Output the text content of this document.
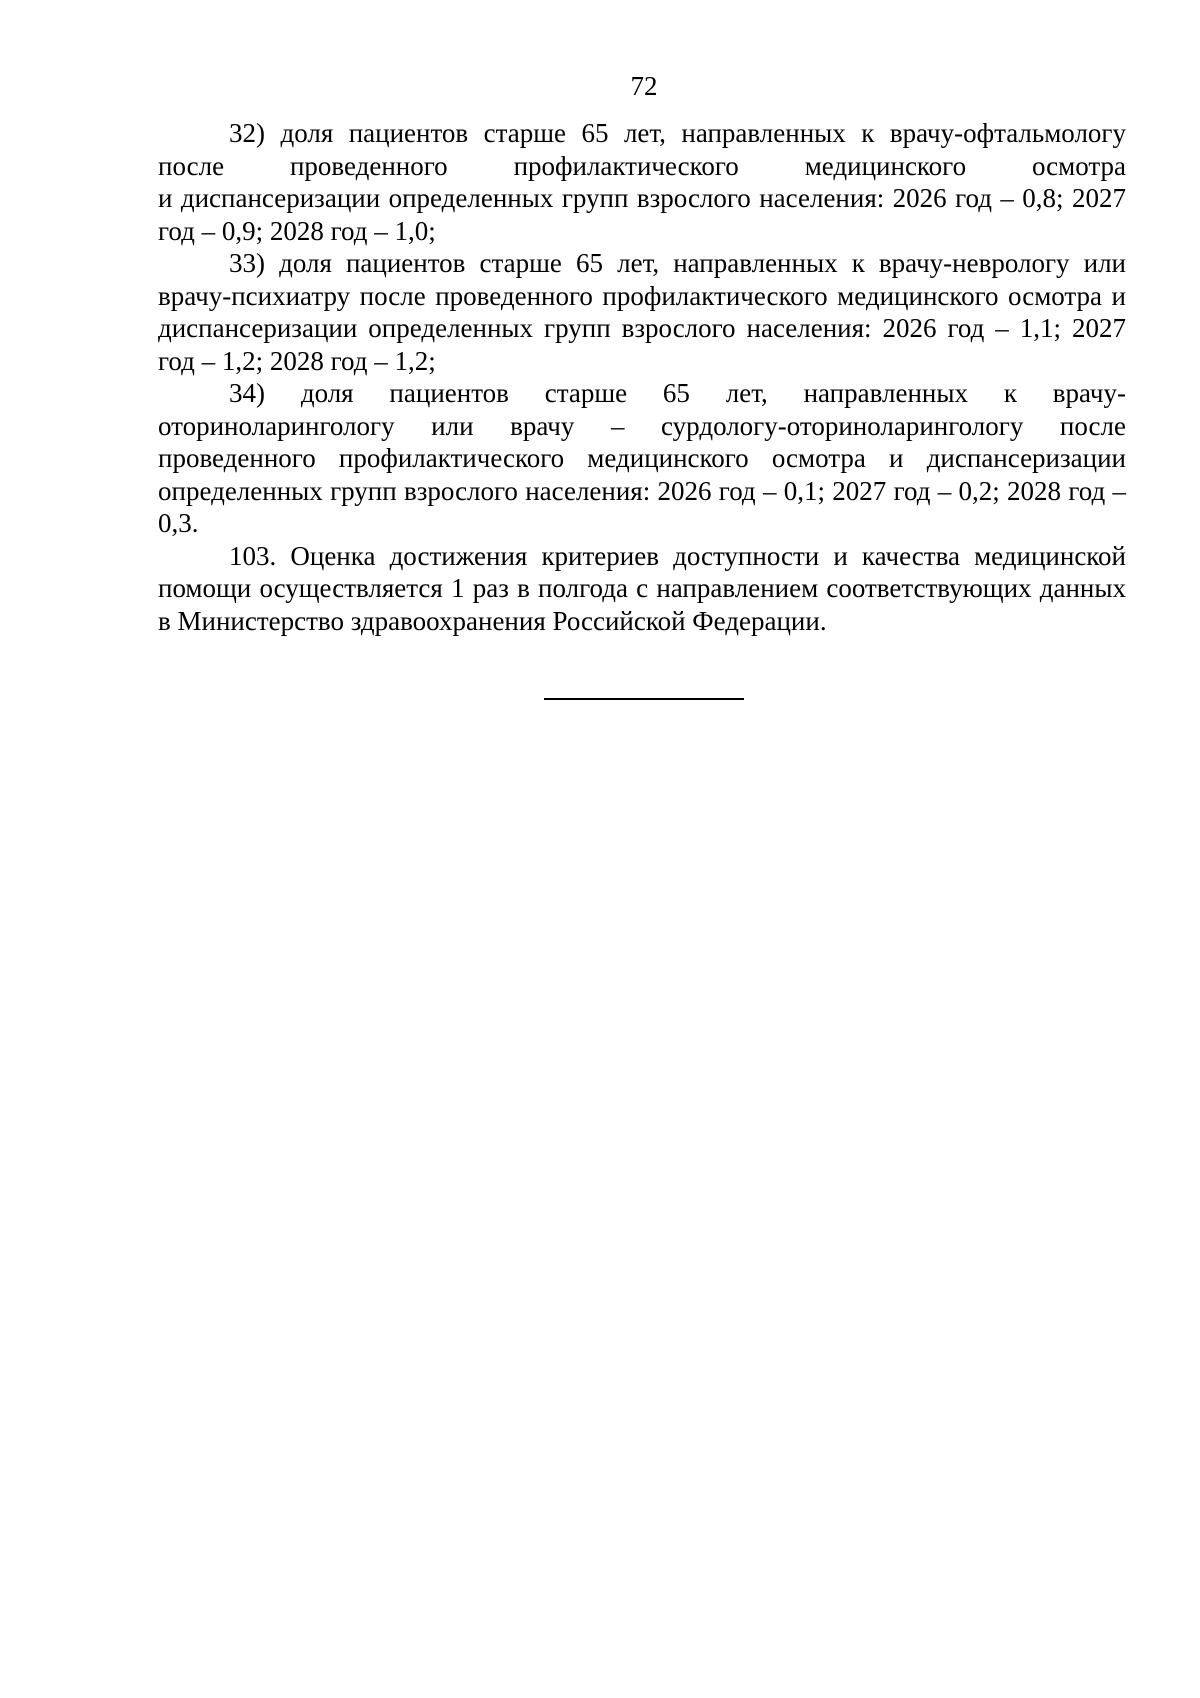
72

32) доля пациентов старше 65 лет, направленных к врачу-офтальмологу после проведенного профилактического медицинского осмотра
и диспансеризации определенных групп взрослого населения: 2026 год – 0,8; 2027 год – 0,9; 2028 год – 1,0;

33) доля пациентов старше 65 лет, направленных к врачу-неврологу или врачу-психиатру после проведенного профилактического медицинского осмотра и диспансеризации определенных групп взрослого населения: 2026 год – 1,1; 2027 год – 1,2; 2028 год – 1,2;

34) доля пациентов старше 65 лет, направленных к врачу-оториноларингологу или врачу – сурдологу-оториноларингологу после проведенного профилактического медицинского осмотра и диспансеризации определенных групп взрослого населения: 2026 год – 0,1; 2027 год – 0,2; 2028 год – 0,3.

103. Оценка достижения критериев доступности и качества медицинской помощи осуществляется 1 раз в полгода с направлением соответствующих данных в Министерство здравоохранения Российской Федерации.
